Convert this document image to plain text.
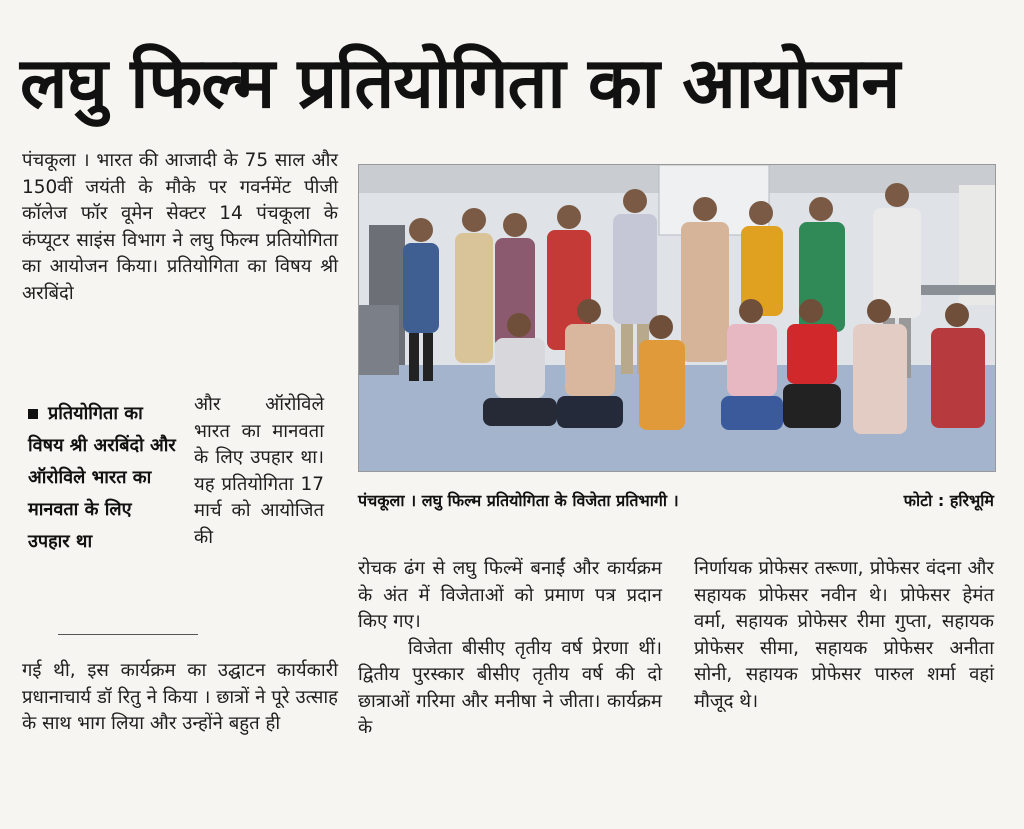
लघु फिल्म प्रतियोगिता का आयोजन

पंचकूला । भारत की आजादी के 75 साल और 150वीं जयंती के मौके पर गवर्नमेंट पीजी कॉलेज फॉर वूमेन सेक्टर 14 पंचकूला के कंप्यूटर साइंस विभाग ने लघु फिल्म प्रतियोगिता का आयोजन किया। प्रतियोगिता का विषय श्री अरबिंदो

प्रतियोगिता का विषय श्री अरबिंदो और ऑरोविले भारत का मानवता के लिए उपहार था

और ऑरोविले भारत का मानवता के लिए उपहार था। यह प्रतियोगिता 17 मार्च को आयोजित की

गई थी, इस कार्यक्रम का उद्घाटन कार्यकारी प्रधानाचार्य डॉ रितु ने किया । छात्रों ने पूरे उत्साह के साथ भाग लिया और उन्होंने बहुत ही

पंचकूला । लघु फिल्म प्रतियोगिता के विजेता प्रतिभागी ।	फोटो : हरिभूमि

रोचक ढंग से लघु फिल्में बनाईं और कार्यक्रम के अंत में विजेताओं को प्रमाण पत्र प्रदान किए गए।

विजेता बीसीए तृतीय वर्ष प्रेरणा थीं। द्वितीय पुरस्कार बीसीए तृतीय वर्ष की दो छात्राओं गरिमा और मनीषा ने जीता। कार्यक्रम के

निर्णायक प्रोफेसर तरूणा, प्रोफेसर वंदना और सहायक प्रोफेसर नवीन थे। प्रोफेसर हेमंत वर्मा, सहायक प्रोफेसर रीमा गुप्ता, सहायक प्रोफेसर सीमा, सहायक प्रोफेसर अनीता सोनी, सहायक प्रोफेसर पारुल शर्मा वहां मौजूद थे।
